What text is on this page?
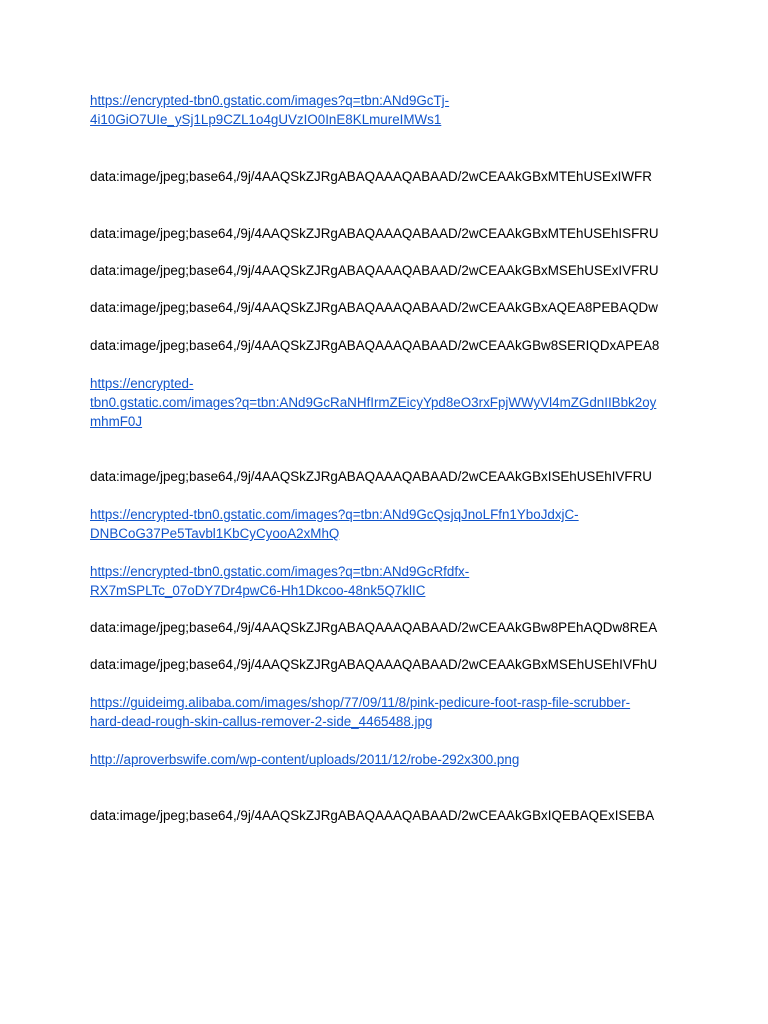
https://encrypted-tbn0.gstatic.com/images?q=tbn:ANd9GcTj-
4i10GiO7UIe_ySj1Lp9CZL1o4gUVzIO0InE8KLmureIMWs1
data:image/jpeg;base64,/9j/4AAQSkZJRgABAQAAAQABAAD/2wCEAAkGBxMTEhUSExIWFR
data:image/jpeg;base64,/9j/4AAQSkZJRgABAQAAAQABAAD/2wCEAAkGBxMTEhUSEhISFRU
data:image/jpeg;base64,/9j/4AAQSkZJRgABAQAAAQABAAD/2wCEAAkGBxMSEhUSExIVFRU
data:image/jpeg;base64,/9j/4AAQSkZJRgABAQAAAQABAAD/2wCEAAkGBxAQEA8PEBAQDw
data:image/jpeg;base64,/9j/4AAQSkZJRgABAQAAAQABAAD/2wCEAAkGBw8SERIQDxAPEA8
https://encrypted-
tbn0.gstatic.com/images?q=tbn:ANd9GcRaNHfIrmZEicyYpd8eO3rxFpjWWyVl4mZGdnIIBbk2oy
mhmF0J
data:image/jpeg;base64,/9j/4AAQSkZJRgABAQAAAQABAAD/2wCEAAkGBxISEhUSEhIVFRU
https://encrypted-tbn0.gstatic.com/images?q=tbn:ANd9GcQsjqJnoLFfn1YboJdxjC-
DNBCoG37Pe5Tavbl1KbCyCyooA2xMhQ
https://encrypted-tbn0.gstatic.com/images?q=tbn:ANd9GcRfdfx-
RX7mSPLTc_07oDY7Dr4pwC6-Hh1Dkcoo-48nk5Q7klIC
data:image/jpeg;base64,/9j/4AAQSkZJRgABAQAAAQABAAD/2wCEAAkGBw8PEhAQDw8REA
data:image/jpeg;base64,/9j/4AAQSkZJRgABAQAAAQABAAD/2wCEAAkGBxMSEhUSEhIVFhU
https://guideimg.alibaba.com/images/shop/77/09/11/8/pink-pedicure-foot-rasp-file-scrubber-
hard-dead-rough-skin-callus-remover-2-side_4465488.jpg
http://aproverbswife.com/wp-content/uploads/2011/12/robe-292x300.png
data:image/jpeg;base64,/9j/4AAQSkZJRgABAQAAAQABAAD/2wCEAAkGBxIQEBAQExISEBA
